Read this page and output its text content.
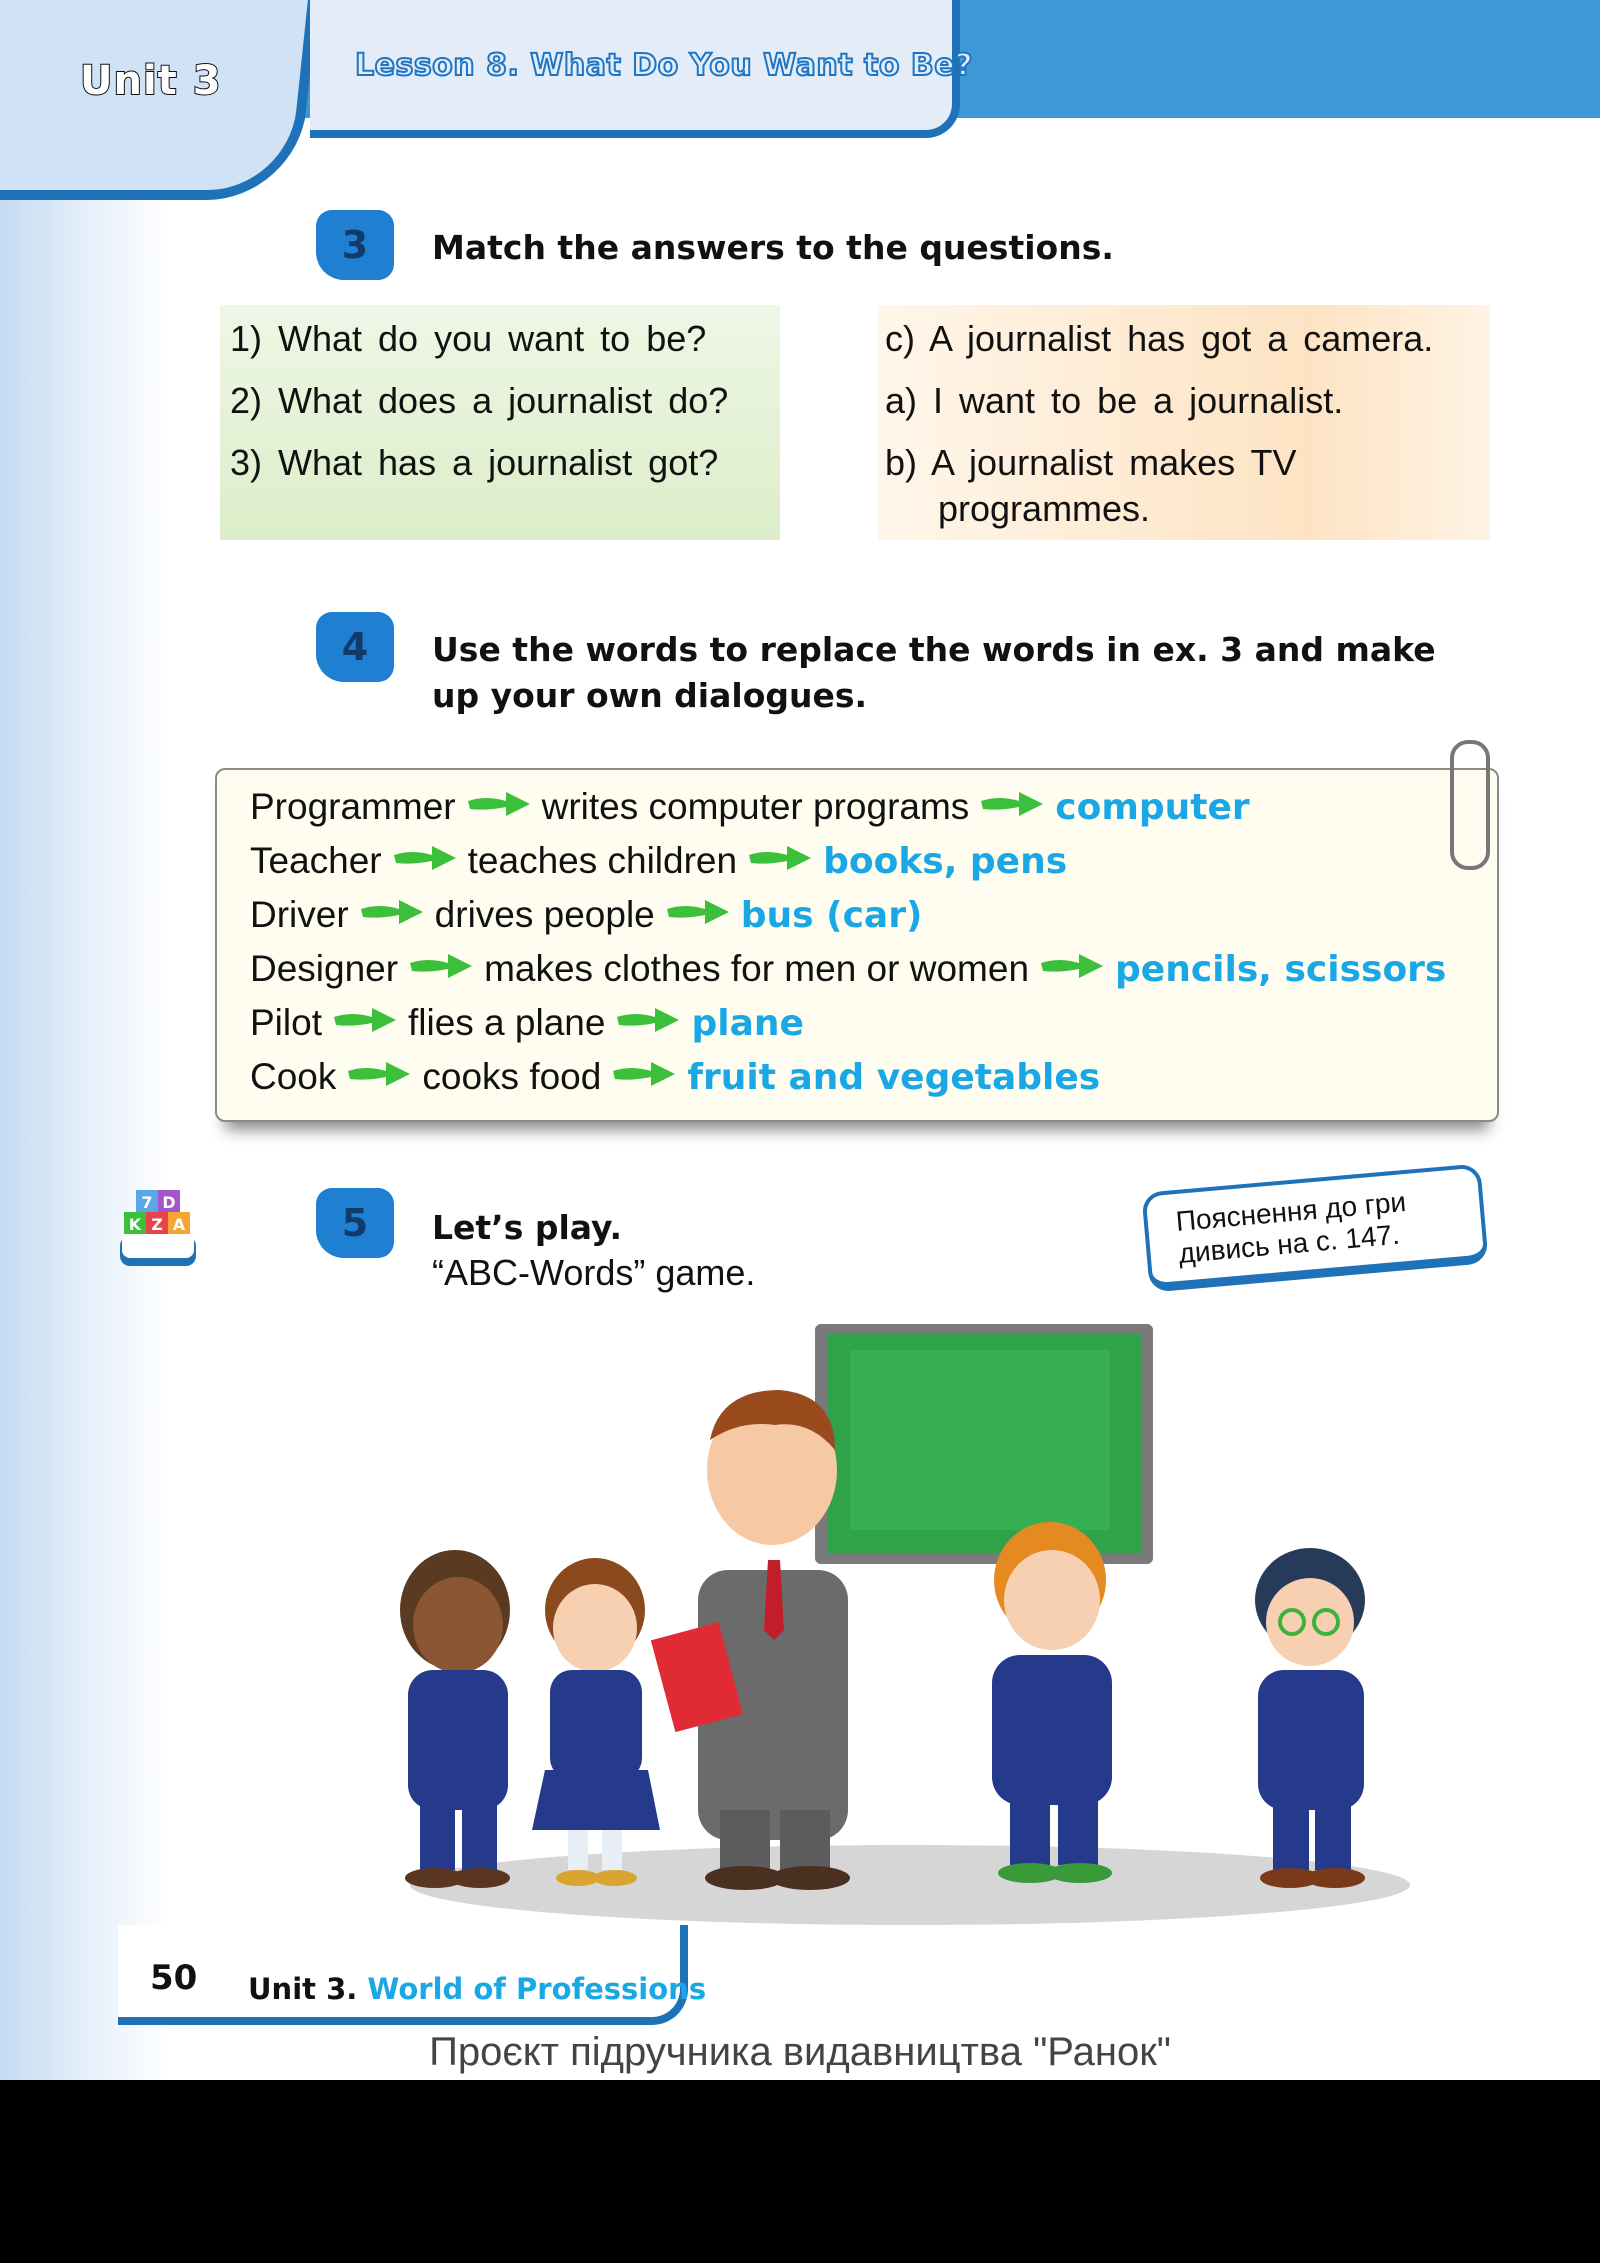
Unit 3	Lesson 8. What Do You Want to Be?
3	Match the answers to the questions.
1) What do you want to be?
2) What does a journalist do?
3) What has a journalist got?
c) A journalist has got a camera.
a) I want to be a journalist.
b) A journalist makes TV
programmes.
4	Use the words to replace the words in ex. 3 and make
up your own dialogues.
Programmer writes computer programs computer
Teacher teaches children books, pens
Driver drives people bus (car)
Designer makes clothes for men or women pencils, scissors
Pilot flies a plane plane
Cook cooks food fruit and vegetables
7 D
K Z A	5	Let’s play.
“ABC-Words” game.
Пояснення до гри дивись на с. 147.
50 Unit 3. World of Professions
Проєкт підручника видавництва "Ранок"
